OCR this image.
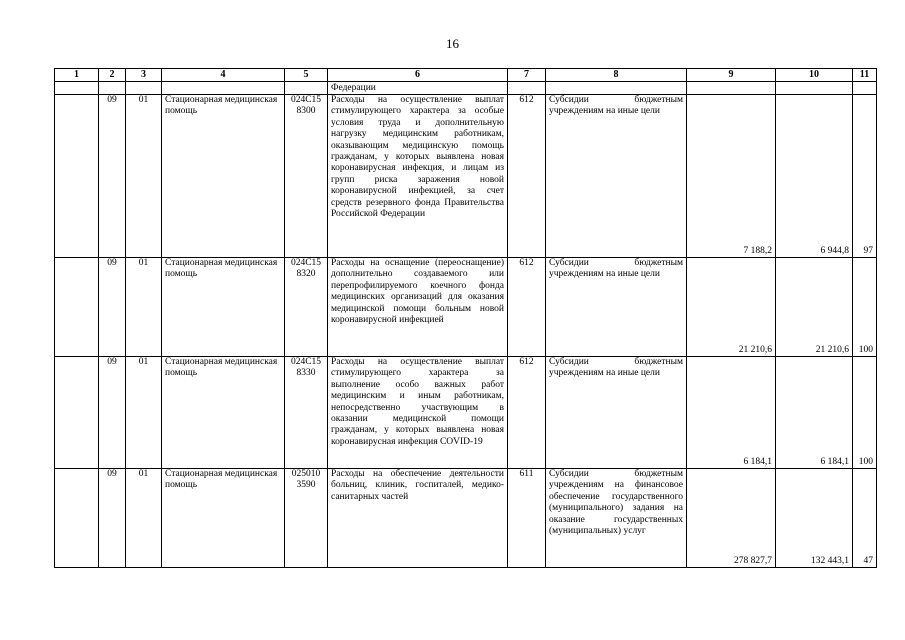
16
1	2	3	4	5	6	7	8	9	10	11
					Федерации					
	09	01	Стационарная медицинская помощь	024С15 8300	Расходы на осуществление выплат стимулирующего характера за особые условия труда и дополнительную нагрузку медицинским работникам, оказывающим медицинскую помощь гражданам, у которых выявлена новая коронавирусная инфекция, и лицам из групп риска заражения новой коронавирусной инфекцией, за счет средств резервного фонда Правительства Российской Федерации	612	Субсидии бюджетным учреждениям на иные цели	7 188,2	6 944,8	97
	09	01	Стационарная медицинская помощь	024С15 8320	Расходы на оснащение (переоснащение) дополнительно создаваемого или перепрофилируемого коечного фонда медицинских организаций для оказания медицинской помощи больным новой коронавирусной инфекцией	612	Субсидии бюджетным учреждениям на иные цели	21 210,6	21 210,6	100
	09	01	Стационарная медицинская помощь	024С15 8330	Расходы на осуществление выплат стимулирующего характера за выполнение особо важных работ медицинским и иным работникам, непосредственно участвующим в оказании медицинской помощи гражданам, у которых выявлена новая коронавирусная инфекция COVID-19	612	Субсидии бюджетным учреждениям на иные цели	6 184,1	6 184,1	100
	09	01	Стационарная медицинская помощь	025010 3590	Расходы на обеспечение деятельности больниц, клиник, госпиталей, медико-санитарных частей	611	Субсидии бюджетным учреждениям на финансовое обеспечение государственного (муниципального) задания на оказание государственных (муниципальных) услуг	278 827,7	132 443,1	47
